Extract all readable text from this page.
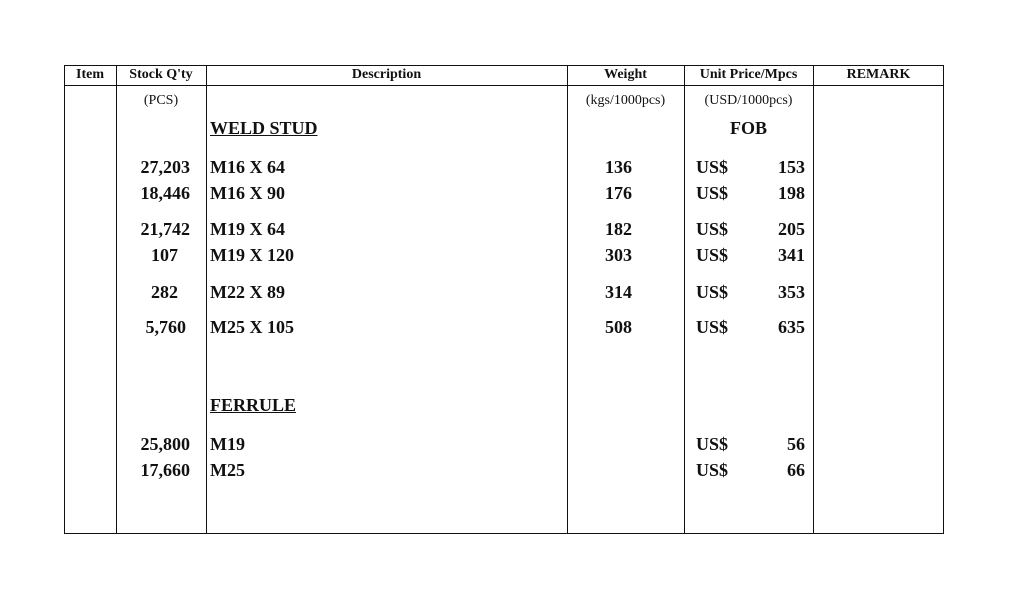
Item	Stock Q'ty	Description	Weight	Unit Price/Mpcs	REMARK
(PCS)	(kgs/1000pcs)	(USD/1000pcs)
WELD STUD	FOB
FERRULE
27,203 M16 X 64	136	US$	153
18,446 M16 X 90	176	US$	198
21,742 M19 X 64	182	US$	205
107 M19 X 120	303	US$	341
282 M22 X 89	314	US$	353
5,760 M25 X 105	508	US$	635
25,800 M19	US$	56
17,660 M25	US$	66
